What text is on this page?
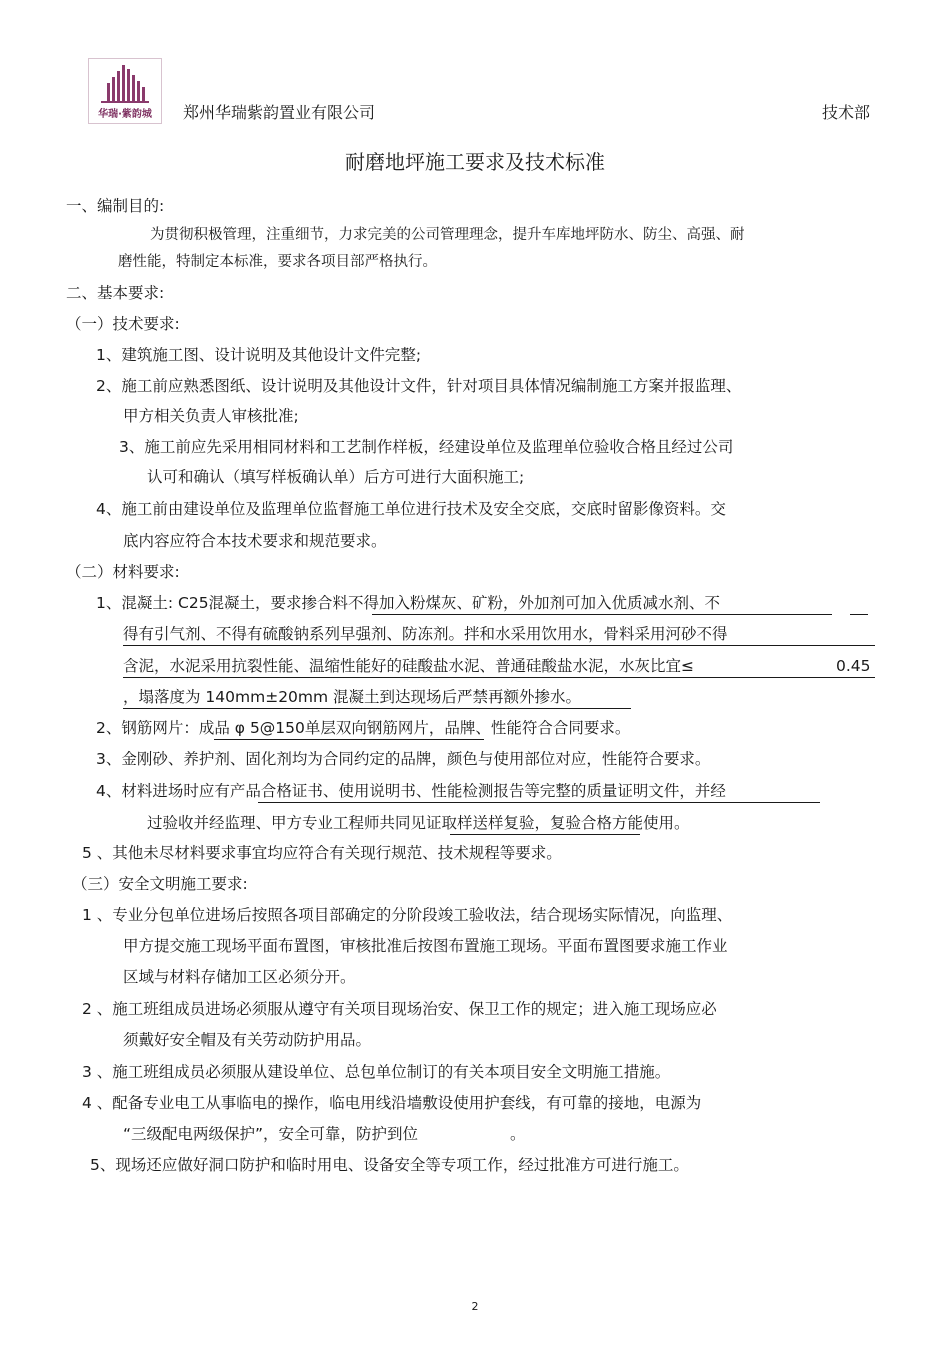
华瑞·紫韵城	郑州华瑞紫韵置业有限公司	技术部
耐磨地坪施工要求及技术标准
一、编制目的:
为贯彻积极管理，注重细节，力求完美的公司管理理念，提升车库地坪防水、防尘、高强、耐
磨性能，特制定本标准，要求各项目部严格执行。
二、基本要求:
（一）技术要求:
1、建筑施工图、设计说明及其他设计文件完整;
2、施工前应熟悉图纸、设计说明及其他设计文件，针对项目具体情况编制施工方案并报监理、
甲方相关负责人审核批准;
3、施工前应先采用相同材料和工艺制作样板，经建设单位及监理单位验收合格且经过公司
认可和确认（填写样板确认单）后方可进行大面积施工;
4、施工前由建设单位及监理单位监督施工单位进行技术及安全交底，交底时留影像资料。交
底内容应符合本技术要求和规范要求。
（二）材料要求:
1、混凝土: C25混凝土，要求掺合料不得加入粉煤灰、矿粉，外加剂可加入优质减水剂、不
得有引气剂、不得有硫酸钠系列早强剂、防冻剂。拌和水采用饮用水，骨料采用河砂不得
含泥，水泥采用抗裂性能、温缩性能好的硅酸盐水泥、普通硅酸盐水泥，水灰比宜≤	0.45
，塌落度为 140mm±20mm 混凝土到达现场后严禁再额外掺水。
2、钢筋网片：成品 φ 5@150单层双向钢筋网片，品牌、性能符合合同要求。
3、金刚砂、养护剂、固化剂均为合同约定的品牌，颜色与使用部位对应，性能符合要求。
4、材料进场时应有产品合格证书、使用说明书、性能检测报告等完整的质量证明文件，并经
过验收并经监理、甲方专业工程师共同见证取样送样复验，复验合格方能使用。
5 、其他未尽材料要求事宜均应符合有关现行规范、技术规程等要求。
（三）安全文明施工要求:
1 、专业分包单位进场后按照各项目部确定的分阶段竣工验收法，结合现场实际情况，向监理、
甲方提交施工现场平面布置图，审核批准后按图布置施工现场。平面布置图要求施工作业
区域与材料存储加工区必须分开。
2 、施工班组成员进场必须服从遵守有关项目现场治安、保卫工作的规定；进入施工现场应必
须戴好安全帽及有关劳动防护用品。
3 、施工班组成员必须服从建设单位、总包单位制订的有关本项目安全文明施工措施。
4 、配备专业电工从事临电的操作，临电用线沿墙敷设使用护套线，有可靠的接地，电源为
“三级配电两级保护”，安全可靠，防护到位	。
5、现场还应做好洞口防护和临时用电、设备安全等专项工作，经过批准方可进行施工。
2
